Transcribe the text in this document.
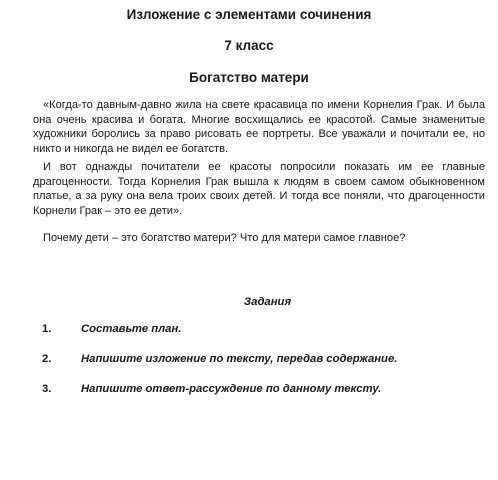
Изложение с элементами сочинения
7 класс
Богатство матери

«Когда-то давным-давно жила на свете красавица по имени Корнелия Грак. И была она очень красива и богата. Многие восхищались ее красотой. Самые знаменитые художники боролись за право рисовать ее портреты. Все уважали и почитали ее, но никто и никогда не видел ее богатств.

И вот однажды почитатели ее красоты попросили показать им ее главные драгоценности. Тогда Корнелия Грак вышла к людям в своем самом обыкновенном платье, а за руку она вела троих своих детей. И тогда все поняли, что драгоценности Корнели Грак – это ее дети».

Почему дети – это богатство матери? Что для матери самое главное?

Задания
1.	Составьте план.
2.	Напишите изложение по тексту, передав содержание.
3.	Напишите ответ-рассуждение по данному тексту.
